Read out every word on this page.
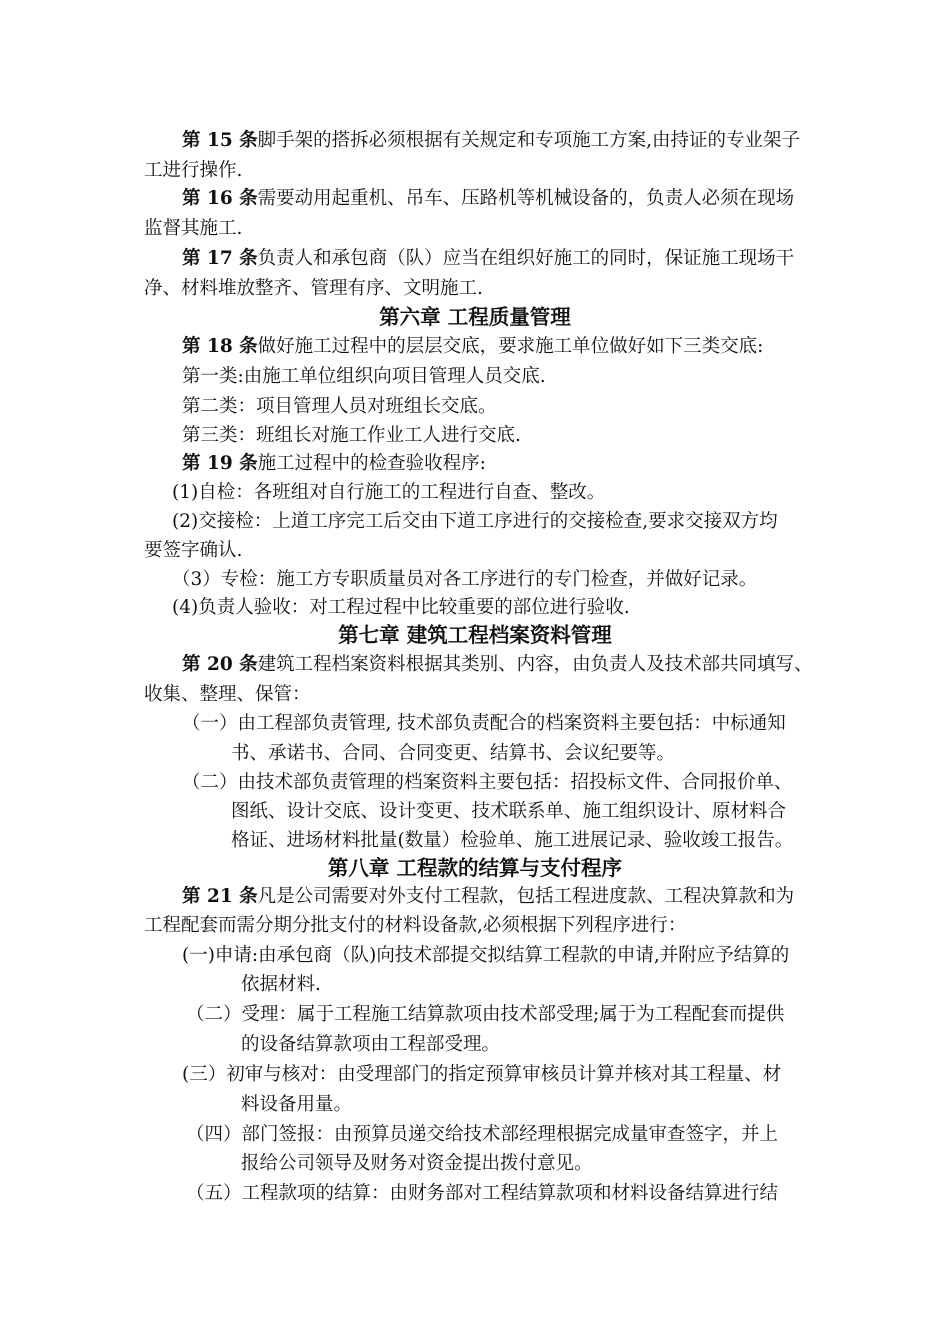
第 15 条脚手架的搭拆必须根据有关规定和专项施工方案,由持证的专业架子
工进行操作.
第 16 条需要动用起重机、吊车、压路机等机械设备的，负责人必须在现场
监督其施工.
第 17 条负责人和承包商（队）应当在组织好施工的同时，保证施工现场干
净、材料堆放整齐、管理有序、文明施工.
第六章 工程质量管理
第 18 条做好施工过程中的层层交底，要求施工单位做好如下三类交底:
第一类:由施工单位组织向项目管理人员交底.
第二类：项目管理人员对班组长交底。
第三类：班组长对施工作业工人进行交底.
第 19 条施工过程中的检查验收程序:
(1)自检：各班组对自行施工的工程进行自查、整改。
(2)交接检：上道工序完工后交由下道工序进行的交接检查,要求交接双方均
要签字确认.
（3）专检：施工方专职质量员对各工序进行的专门检查，并做好记录。
(4)负责人验收：对工程过程中比较重要的部位进行验收.
第七章 建筑工程档案资料管理
第 20 条建筑工程档案资料根据其类别、内容，由负责人及技术部共同填写、
收集、整理、保管：
（一）由工程部负责管理, 技术部负责配合的档案资料主要包括：中标通知
书、承诺书、合同、合同变更、结算书、会议纪要等。
（二）由技术部负责管理的档案资料主要包括：招投标文件、合同报价单、
图纸、设计交底、设计变更、技术联系单、施工组织设计、原材料合
格证、进场材料批量(数量）检验单、施工进展记录、验收竣工报告。
第八章 工程款的结算与支付程序
第 21 条凡是公司需要对外支付工程款，包括工程进度款、工程决算款和为
工程配套而需分期分批支付的材料设备款,必须根据下列程序进行：
(一)申请:由承包商（队)向技术部提交拟结算工程款的申请,并附应予结算的
依据材料.
（二）受理：属于工程施工结算款项由技术部受理;属于为工程配套而提供
的设备结算款项由工程部受理。
(三）初审与核对：由受理部门的指定预算审核员计算并核对其工程量、材
料设备用量。
（四）部门签报：由预算员递交给技术部经理根据完成量审查签字，并上
报给公司领导及财务对资金提出拨付意见。
（五）工程款项的结算：由财务部对工程结算款项和材料设备结算进行结
